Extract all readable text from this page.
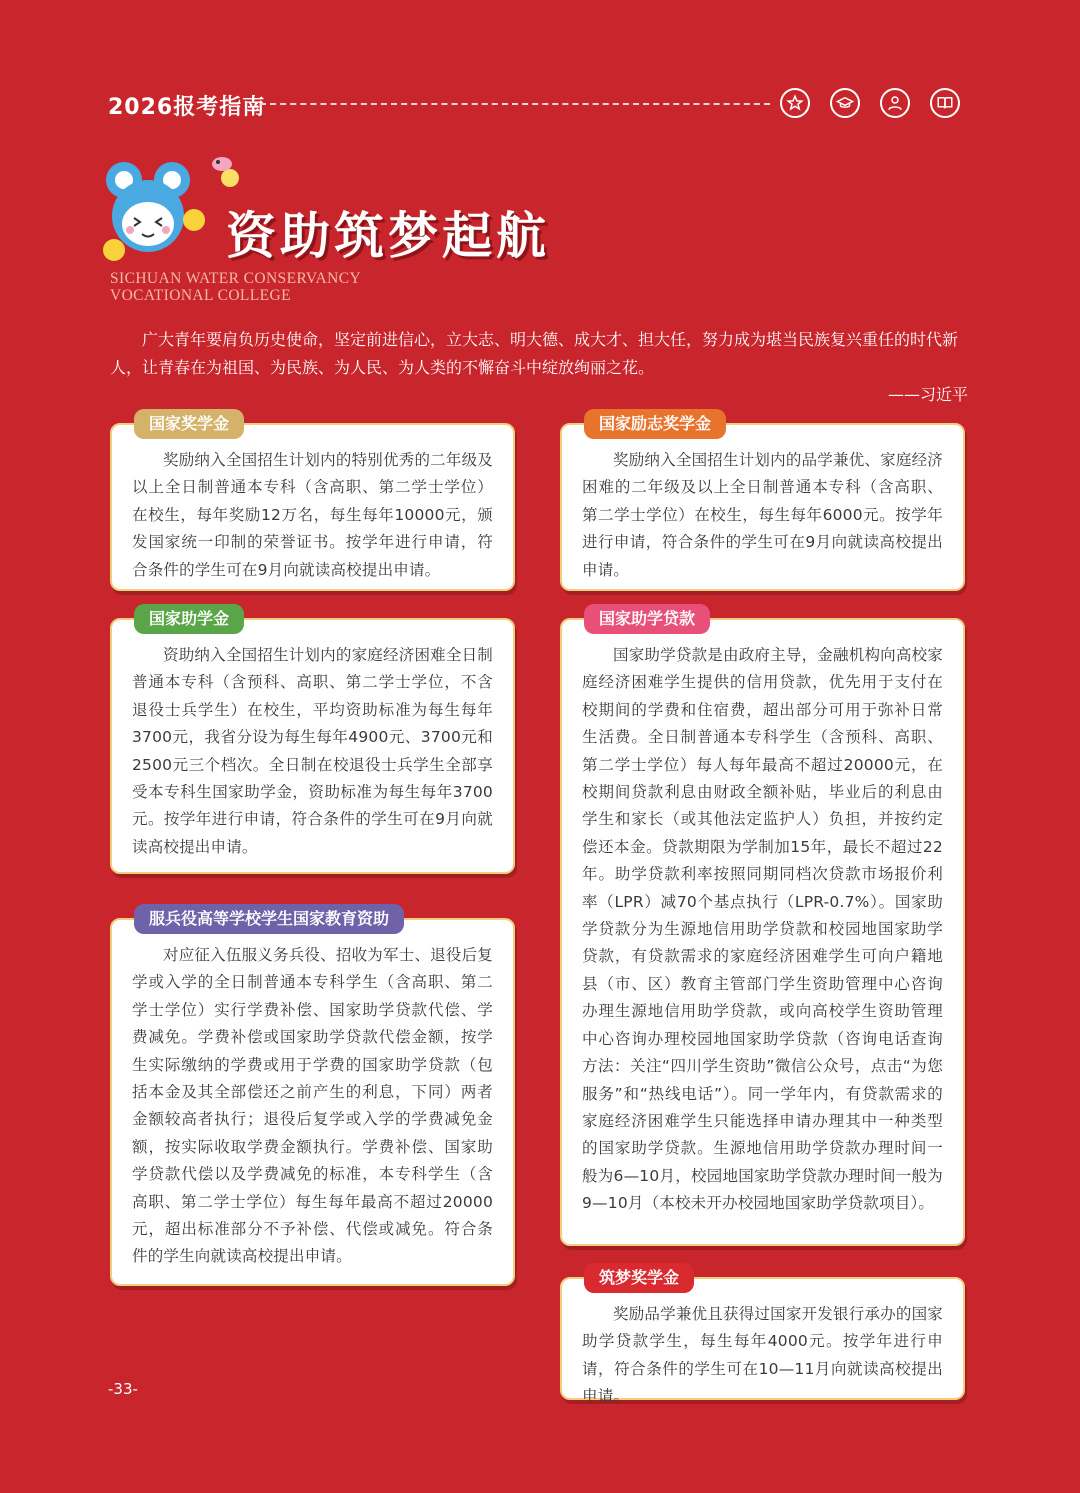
2026报考指南
资助筑梦起航
SICHUAN WATER CONSERVANCY
VOCATIONAL COLLEGE
广大青年要肩负历史使命，坚定前进信心，立大志、明大德、成大才、担大任，努力成为堪当民族复兴重任的时代新人，让青春在为祖国、为民族、为人民、为人类的不懈奋斗中绽放绚丽之花。
——习近平
国家奖学金
奖励纳入全国招生计划内的特别优秀的二年级及以上全日制普通本专科（含高职、第二学士学位）在校生，每年奖励12万名，每生每年10000元，颁发国家统一印制的荣誉证书。按学年进行申请，符合条件的学生可在9月向就读高校提出申请。
国家励志奖学金
奖励纳入全国招生计划内的品学兼优、家庭经济困难的二年级及以上全日制普通本专科（含高职、第二学士学位）在校生，每生每年6000元。按学年进行申请，符合条件的学生可在9月向就读高校提出申请。
国家助学金
资助纳入全国招生计划内的家庭经济困难全日制普通本专科（含预科、高职、第二学士学位，不含退役士兵学生）在校生，平均资助标准为每生每年3700元，我省分设为每生每年4900元、3700元和2500元三个档次。全日制在校退役士兵学生全部享受本专科生国家助学金，资助标准为每生每年3700元。按学年进行申请，符合条件的学生可在9月向就读高校提出申请。
国家助学贷款
国家助学贷款是由政府主导，金融机构向高校家庭经济困难学生提供的信用贷款，优先用于支付在校期间的学费和住宿费，超出部分可用于弥补日常生活费。全日制普通本专科学生（含预科、高职、第二学士学位）每人每年最高不超过20000元，在校期间贷款利息由财政全额补贴，毕业后的利息由学生和家长（或其他法定监护人）负担，并按约定偿还本金。贷款期限为学制加15年，最长不超过22年。助学贷款利率按照同期同档次贷款市场报价利率（LPR）减70个基点执行（LPR-0.7%）。国家助学贷款分为生源地信用助学贷款和校园地国家助学贷款，有贷款需求的家庭经济困难学生可向户籍地县（市、区）教育主管部门学生资助管理中心咨询办理生源地信用助学贷款，或向高校学生资助管理中心咨询办理校园地国家助学贷款（咨询电话查询方法：关注“四川学生资助”微信公众号，点击“为您服务”和“热线电话”）。同一学年内，有贷款需求的家庭经济困难学生只能选择申请办理其中一种类型的国家助学贷款。生源地信用助学贷款办理时间一般为6—10月，校园地国家助学贷款办理时间一般为9—10月（本校未开办校园地国家助学贷款项目）。
服兵役高等学校学生国家教育资助
对应征入伍服义务兵役、招收为军士、退役后复学或入学的全日制普通本专科学生（含高职、第二学士学位）实行学费补偿、国家助学贷款代偿、学费减免。学费补偿或国家助学贷款代偿金额，按学生实际缴纳的学费或用于学费的国家助学贷款（包括本金及其全部偿还之前产生的利息，下同）两者金额较高者执行；退役后复学或入学的学费减免金额，按实际收取学费金额执行。学费补偿、国家助学贷款代偿以及学费减免的标准，本专科学生（含高职、第二学士学位）每生每年最高不超过20000元，超出标准部分不予补偿、代偿或减免。符合条件的学生向就读高校提出申请。
筑梦奖学金
奖励品学兼优且获得过国家开发银行承办的国家助学贷款学生，每生每年4000元。按学年进行申请，符合条件的学生可在10—11月向就读高校提出申请。
-33-
